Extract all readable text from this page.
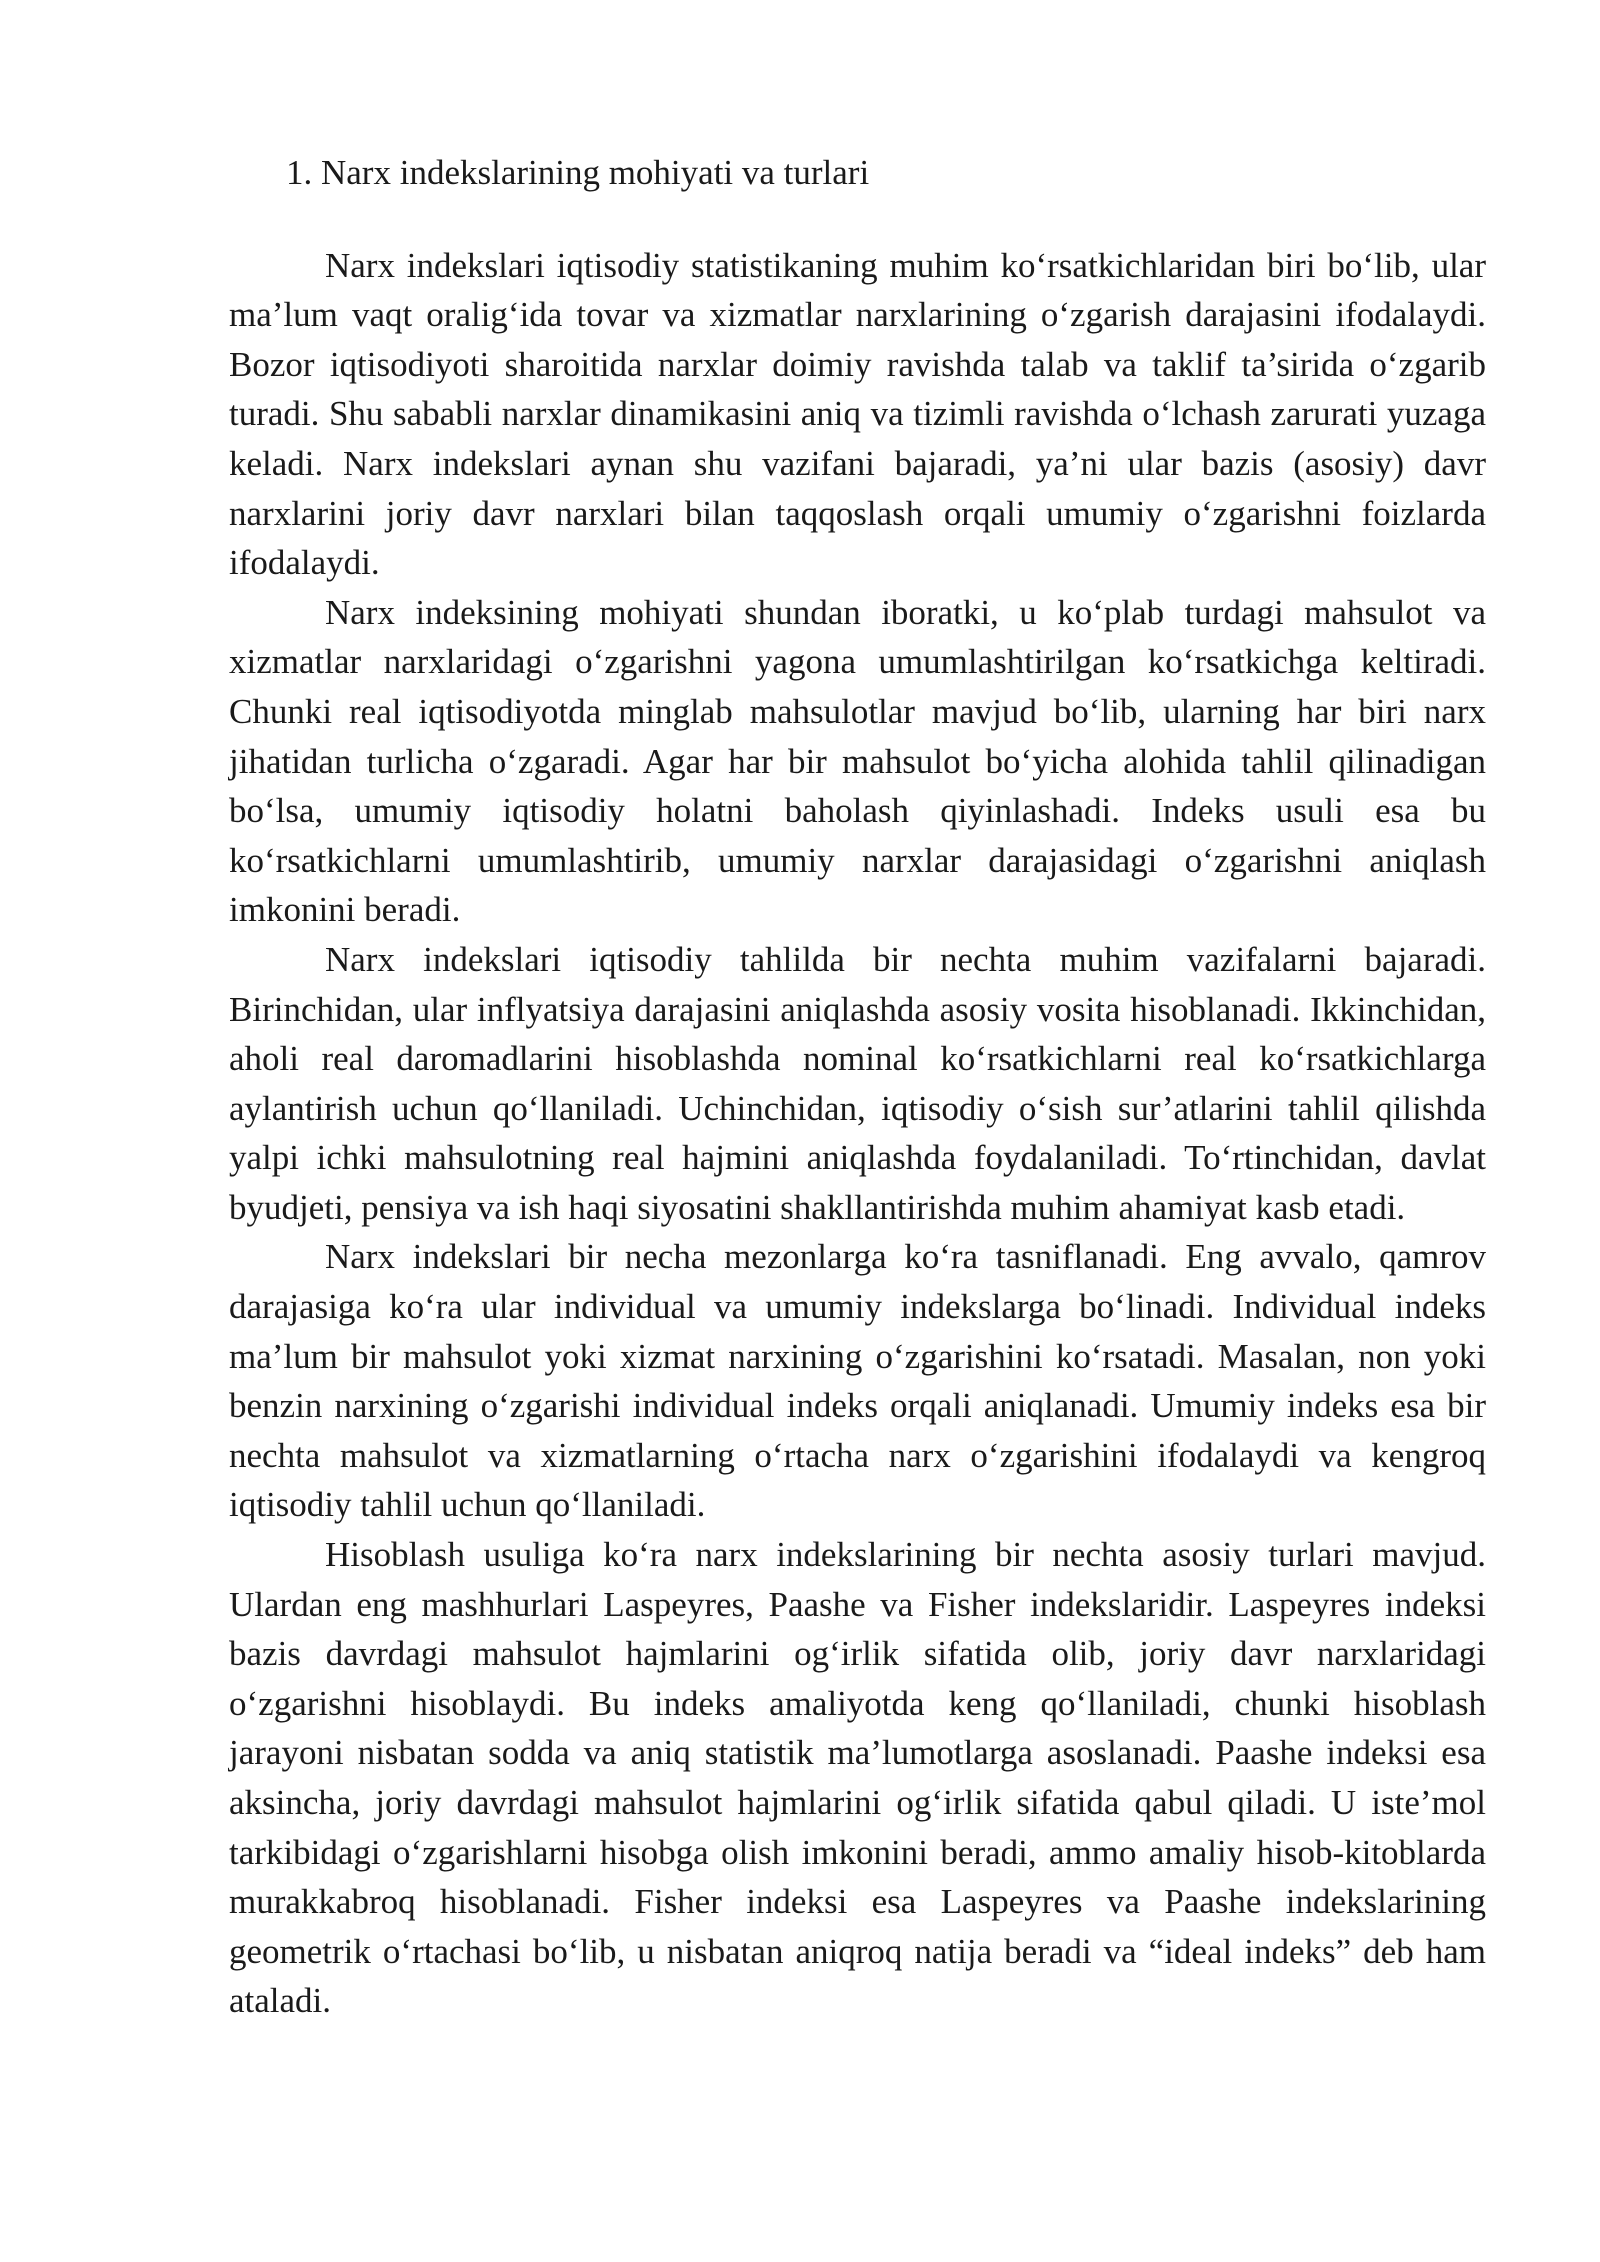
1. Narx indekslarining mohiyati va turlari

Narx indekslari iqtisodiy statistikaning muhim ko‘rsatkichlaridan biri bo‘lib, ular ma’lum vaqt oralig‘ida tovar va xizmatlar narxlarining o‘zgarish darajasini ifodalaydi. Bozor iqtisodiyoti sharoitida narxlar doimiy ravishda talab va taklif ta’sirida o‘zgarib turadi. Shu sababli narxlar dinamikasini aniq va tizimli ravishda o‘lchash zarurati yuzaga keladi. Narx indekslari aynan shu vazifani bajaradi, ya’ni ular bazis (asosiy) davr narxlarini joriy davr narxlari bilan taqqoslash orqali umumiy o‘zgarishni foizlarda ifodalaydi.

Narx indeksining mohiyati shundan iboratki, u ko‘plab turdagi mahsulot va xizmatlar narxlaridagi o‘zgarishni yagona umumlashtirilgan ko‘rsatkichga keltiradi. Chunki real iqtisodiyotda minglab mahsulotlar mavjud bo‘lib, ularning har biri narx jihatidan turlicha o‘zgaradi. Agar har bir mahsulot bo‘yicha alohida tahlil qilinadigan bo‘lsa, umumiy iqtisodiy holatni baholash qiyinlashadi. Indeks usuli esa bu ko‘rsatkichlarni umumlashtirib, umumiy narxlar darajasidagi o‘zgarishni aniqlash imkonini beradi.

Narx indekslari iqtisodiy tahlilda bir nechta muhim vazifalarni bajaradi. Birinchidan, ular inflyatsiya darajasini aniqlashda asosiy vosita hisoblanadi. Ikkinchidan, aholi real daromadlarini hisoblashda nominal ko‘rsatkichlarni real ko‘rsatkichlarga aylantirish uchun qo‘llaniladi. Uchinchidan, iqtisodiy o‘sish sur’atlarini tahlil qilishda yalpi ichki mahsulotning real hajmini aniqlashda foydalaniladi. To‘rtinchidan, davlat byudjeti, pensiya va ish haqi siyosatini shakllantirishda muhim ahamiyat kasb etadi.

Narx indekslari bir necha mezonlarga ko‘ra tasniflanadi. Eng avvalo, qamrov darajasiga ko‘ra ular individual va umumiy indekslarga bo‘linadi. Individual indeks ma’lum bir mahsulot yoki xizmat narxining o‘zgarishini ko‘rsatadi. Masalan, non yoki benzin narxining o‘zgarishi individual indeks orqali aniqlanadi. Umumiy indeks esa bir nechta mahsulot va xizmatlarning o‘rtacha narx o‘zgarishini ifodalaydi va kengroq iqtisodiy tahlil uchun qo‘llaniladi.

Hisoblash usuliga ko‘ra narx indekslarining bir nechta asosiy turlari mavjud. Ulardan eng mashhurlari Laspeyres, Paashe va Fisher indekslaridir. Laspeyres indeksi bazis davrdagi mahsulot hajmlarini og‘irlik sifatida olib, joriy davr narxlaridagi o‘zgarishni hisoblaydi. Bu indeks amaliyotda keng qo‘llaniladi, chunki hisoblash jarayoni nisbatan sodda va aniq statistik ma’lumotlarga asoslanadi. Paashe indeksi esa aksincha, joriy davrdagi mahsulot hajmlarini og‘irlik sifatida qabul qiladi. U iste’mol tarkibidagi o‘zgarishlarni hisobga olish imkonini beradi, ammo amaliy hisob-kitoblarda murakkabroq hisoblanadi. Fisher indeksi esa Laspeyres va Paashe indekslarining geometrik o‘rtachasi bo‘lib, u nisbatan aniqroq natija beradi va “ideal indeks” deb ham ataladi.
